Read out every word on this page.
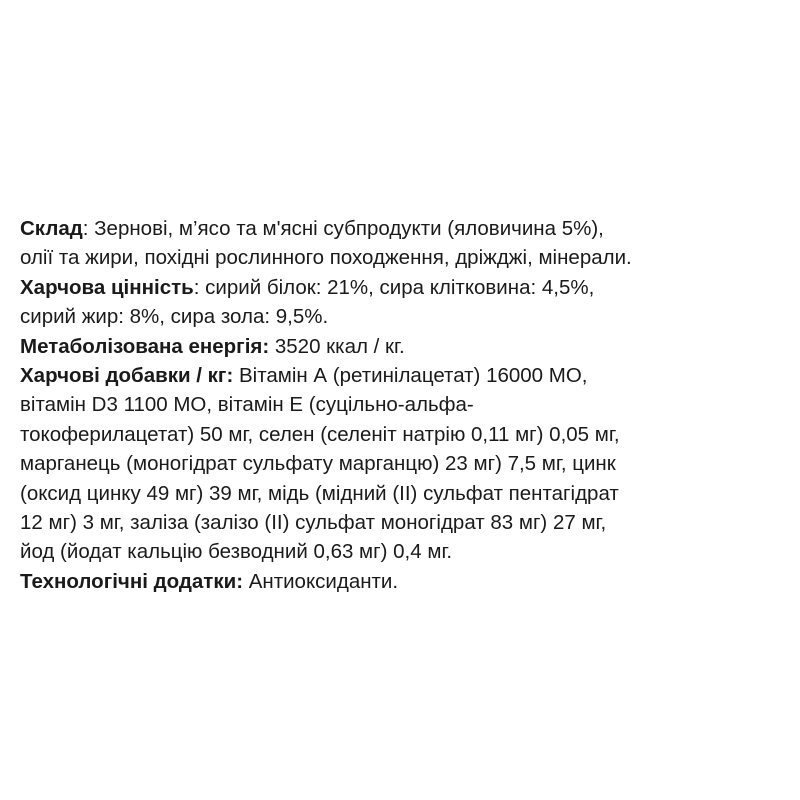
Склад: Зернові, м’ясо та м'ясні субпродукти (яловичина 5%),
олії та жири, похідні рослинного походження, дріжджі, мінерали.
Харчова цінність: сирий білок: 21%, сира клітковина: 4,5%,
сирий жир: 8%, сира зола: 9,5%.
Метаболізована енергія: 3520 ккал / кг.
Харчові добавки / кг: Вітамін А (ретинілацетат) 16000 МО,
вітамін D3 1100 МО, вітамін Е (суцільно-альфа-
токоферилацетат) 50 мг, селен (селеніт натрію 0,11 мг) 0,05 мг,
марганець (моногідрат сульфату марганцю) 23 мг) 7,5 мг, цинк
(оксид цинку 49 мг) 39 мг, мідь (мідний (II) сульфат пентагідрат
12 мг) 3 мг, заліза (залізо (II) сульфат моногідрат 83 мг) 27 мг,
йод (йодат кальцію безводний 0,63 мг) 0,4 мг.
Технологічні додатки: Антиоксиданти.
